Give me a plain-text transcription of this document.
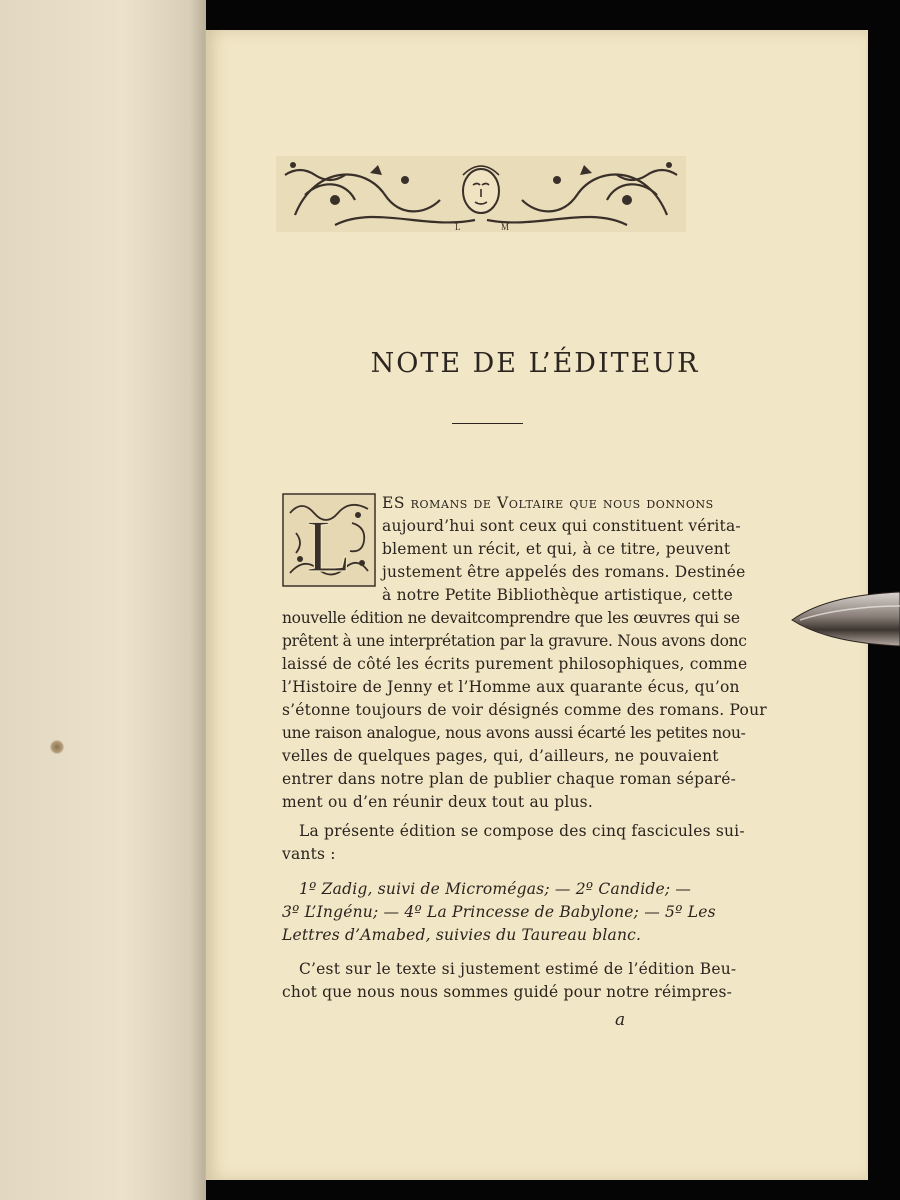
L	M
NOTE DE L’ÉDITEUR
L
ES romans de Voltaire que nous donnons
aujourd’hui sont ceux qui constituent vérita-
blement un récit, et qui, à ce titre, peuvent
justement être appelés des romans. Destinée
à notre Petite Bibliothèque artistique, cette
nouvelle édition ne devaitcomprendre que les œuvres qui se
prêtent à une interprétation par la gravure. Nous avons donc
laissé de côté les écrits purement philosophiques, comme
l’Histoire de Jenny et l’Homme aux quarante écus, qu’on
s’étonne toujours de voir désignés comme des romans. Pour
une raison analogue, nous avons aussi écarté les petites nou-
velles de quelques pages, qui, d’ailleurs, ne pouvaient
entrer dans notre plan de publier chaque roman séparé-
ment ou d’en réunir deux tout au plus.
La présente édition se compose des cinq fascicules sui-
vants :
1º Zadig, suivi de Micromégas; — 2º Candide; —
3º L’Ingénu; — 4º La Princesse de Babylone; — 5º Les
Lettres d’Amabed, suivies du Taureau blanc.
C’est sur le texte si justement estimé de l’édition Beu-
chot que nous nous sommes guidé pour notre réimpres-
a
